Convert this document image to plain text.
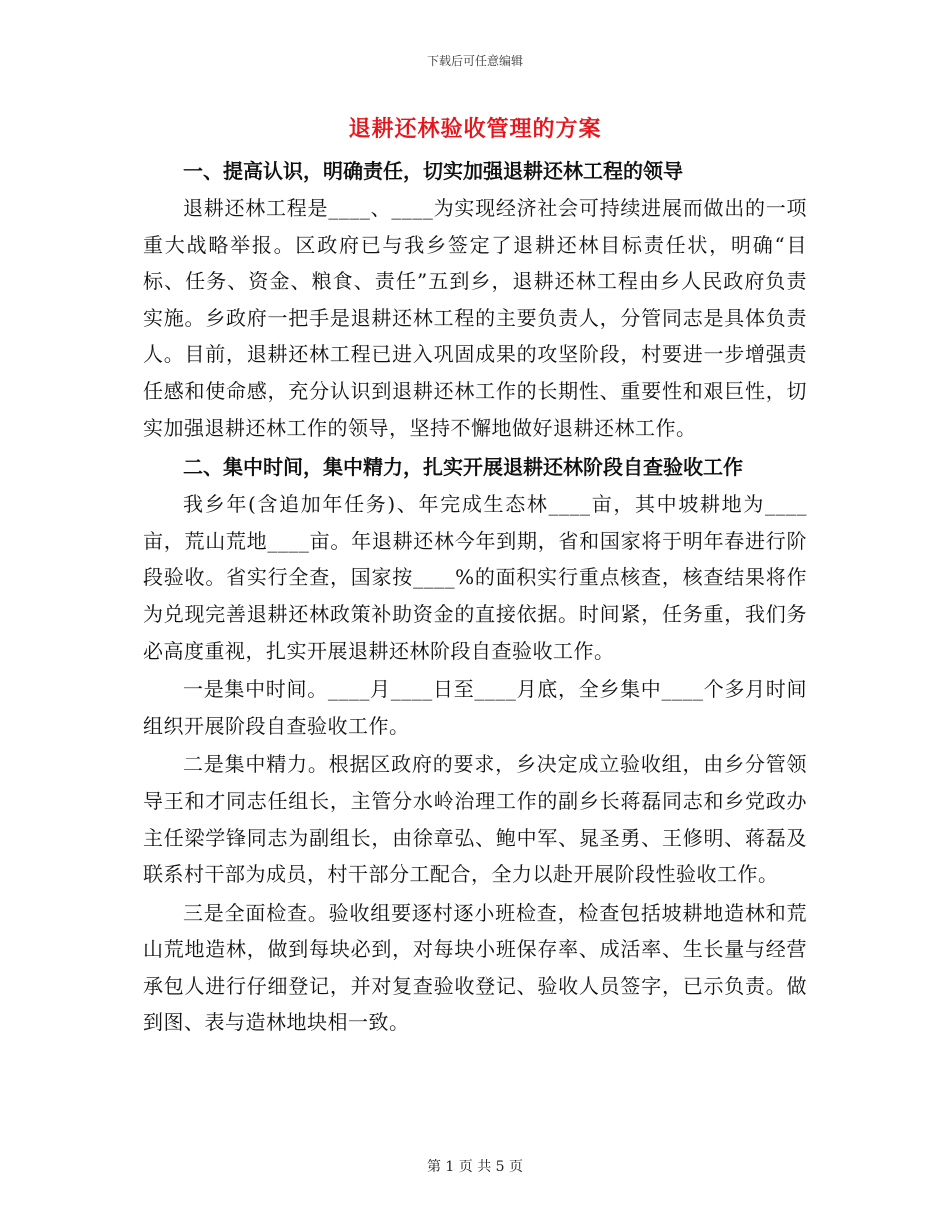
下载后可任意编辑
退耕还林验收管理的方案
一、提高认识，明确责任，切实加强退耕还林工程的领导

退耕还林工程是____、____为实现经济社会可持续进展而做出的一项重大战略举报。区政府已与我乡签定了退耕还林目标责任状，明确“目标、任务、资金、粮食、责任”五到乡，退耕还林工程由乡人民政府负责实施。乡政府一把手是退耕还林工程的主要负责人，分管同志是具体负责人。目前，退耕还林工程已进入巩固成果的攻坚阶段，村要进一步增强责任感和使命感，充分认识到退耕还林工作的长期性、重要性和艰巨性，切实加强退耕还林工作的领导，坚持不懈地做好退耕还林工作。

二、集中时间，集中精力，扎实开展退耕还林阶段自查验收工作

我乡年(含追加年任务)、年完成生态林____亩，其中坡耕地为____亩，荒山荒地____亩。年退耕还林今年到期，省和国家将于明年春进行阶段验收。省实行全查，国家按____%的面积实行重点核查，核查结果将作为兑现完善退耕还林政策补助资金的直接依据。时间紧，任务重，我们务必高度重视，扎实开展退耕还林阶段自查验收工作。

一是集中时间。____月____日至____月底，全乡集中____个多月时间组织开展阶段自查验收工作。

二是集中精力。根据区政府的要求，乡决定成立验收组，由乡分管领导王和才同志任组长，主管分水岭治理工作的副乡长蒋磊同志和乡党政办主任梁学锋同志为副组长，由徐章弘、鲍中军、晁圣勇、王修明、蒋磊及联系村干部为成员，村干部分工配合，全力以赴开展阶段性验收工作。

三是全面检查。验收组要逐村逐小班检查，检查包括坡耕地造林和荒山荒地造林，做到每块必到，对每块小班保存率、成活率、生长量与经营承包人进行仔细登记，并对复查验收登记、验收人员签字，已示负责。做到图、表与造林地块相一致。

第 1 页 共 5 页
